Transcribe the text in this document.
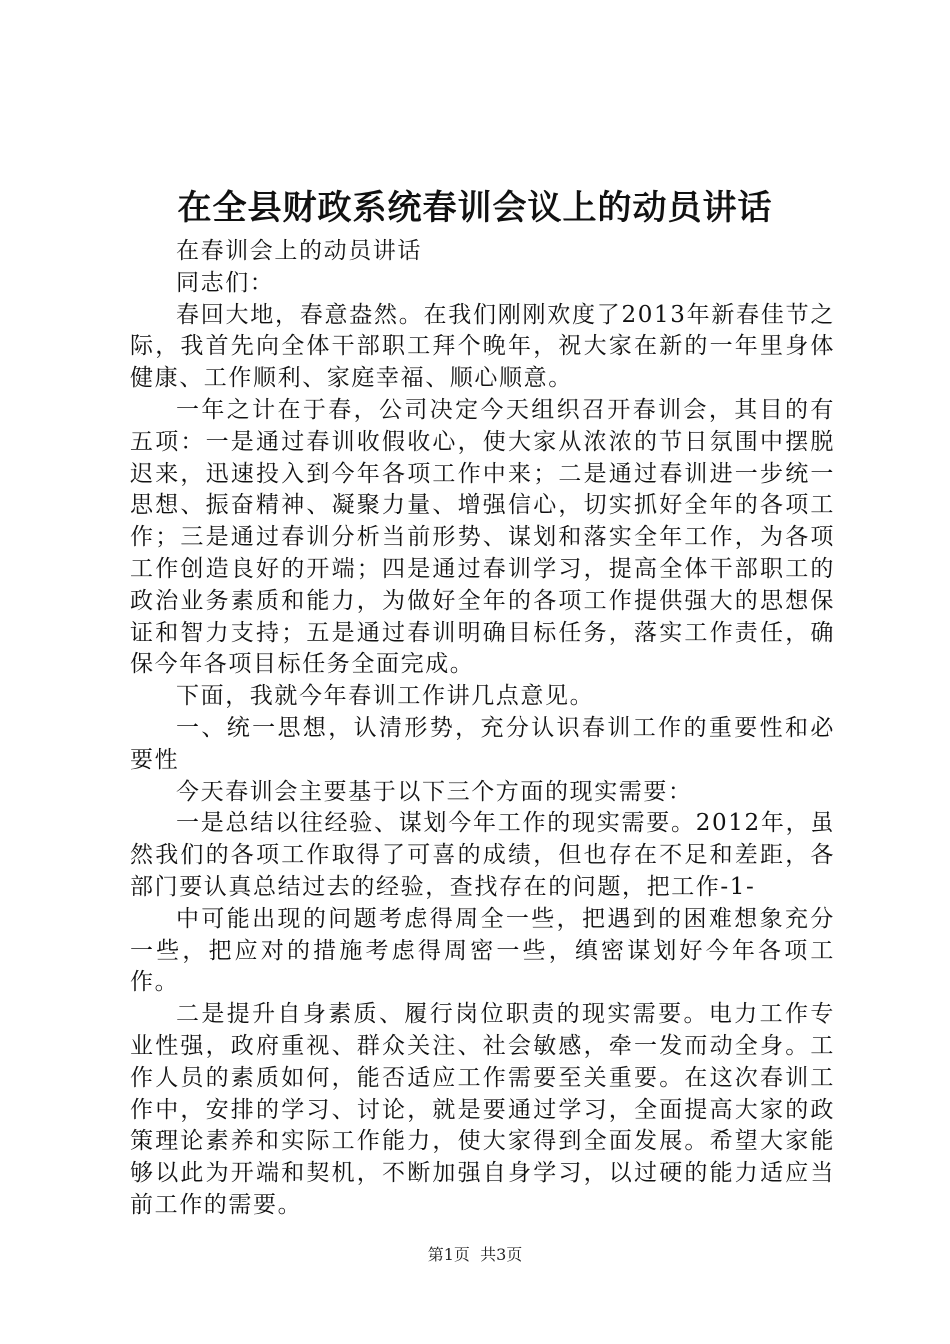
在全县财政系统春训会议上的动员讲话

在春训会上的动员讲话

同志们：

春回大地，春意盎然。在我们刚刚欢度了2013年新春佳节之际，我首先向全体干部职工拜个晚年，祝大家在新的一年里身体健康、工作顺利、家庭幸福、顺心顺意。

一年之计在于春，公司决定今天组织召开春训会，其目的有五项：一是通过春训收假收心，使大家从浓浓的节日氛围中摆脱迟来，迅速投入到今年各项工作中来；二是通过春训进一步统一思想、振奋精神、凝聚力量、增强信心，切实抓好全年的各项工作；三是通过春训分析当前形势、谋划和落实全年工作，为各项工作创造良好的开端；四是通过春训学习，提高全体干部职工的政治业务素质和能力，为做好全年的各项工作提供强大的思想保证和智力支持；五是通过春训明确目标任务，落实工作责任，确保今年各项目标任务全面完成。

下面，我就今年春训工作讲几点意见。

一、统一思想，认清形势，充分认识春训工作的重要性和必要性

今天春训会主要基于以下三个方面的现实需要：

一是总结以往经验、谋划今年工作的现实需要。2012年，虽然我们的各项工作取得了可喜的成绩，但也存在不足和差距，各部门要认真总结过去的经验，查找存在的问题，把工作-1-

中可能出现的问题考虑得周全一些，把遇到的困难想象充分一些，把应对的措施考虑得周密一些，缜密谋划好今年各项工作。

二是提升自身素质、履行岗位职责的现实需要。电力工作专业性强，政府重视、群众关注、社会敏感，牵一发而动全身。工作人员的素质如何，能否适应工作需要至关重要。在这次春训工作中，安排的学习、讨论，就是要通过学习，全面提高大家的政策理论素养和实际工作能力，使大家得到全面发展。希望大家能够以此为开端和契机，不断加强自身学习，以过硬的能力适应当前工作的需要。

第1页  共3页
